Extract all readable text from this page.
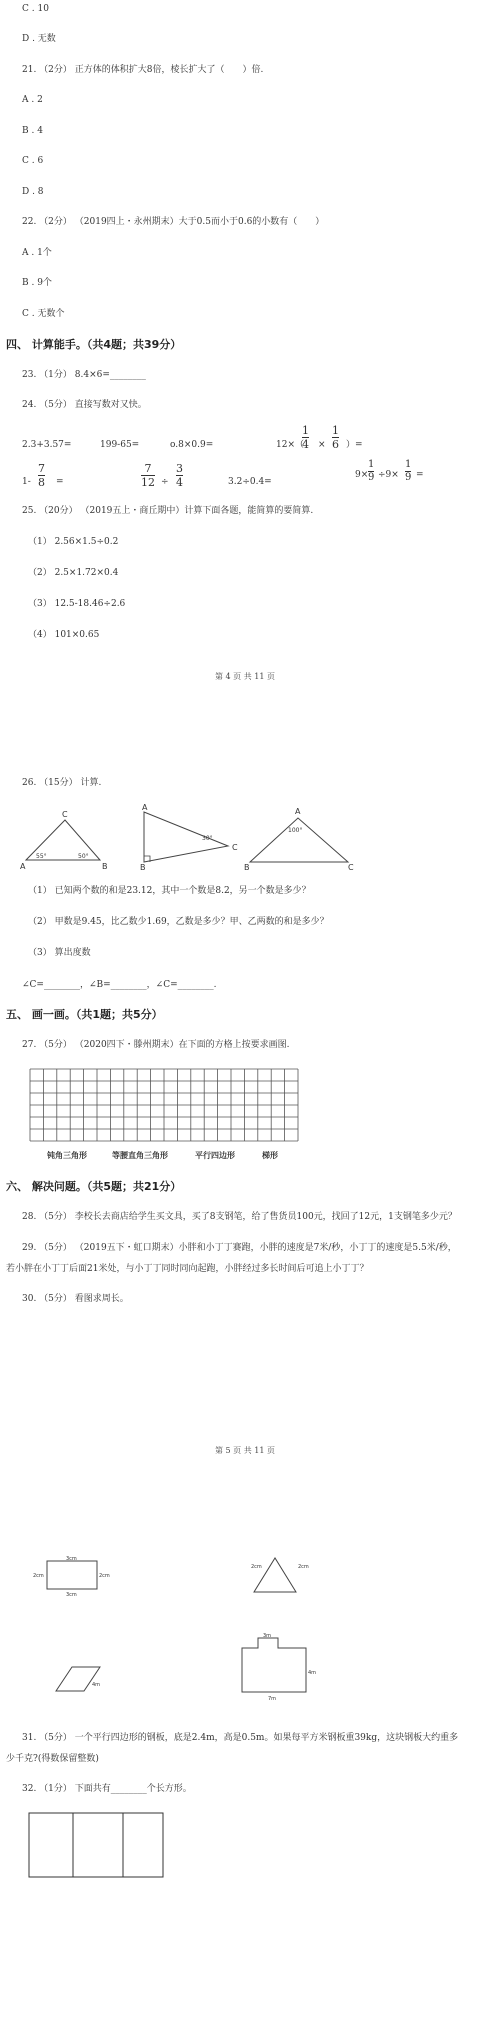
C . 10
D . 无数
21. （2分） 正方体的体积扩大8倍，棱长扩大了（　　）倍.
A . 2
B . 4
C . 6
D . 8
22. （2分） （2019四上・永州期末）大于0.5而小于0.6的小数有（　　）
A . 1个
B . 9个
C . 无数个
四、 计算能手。（共4题；共39分）
23. （1分） 8.4×6=________
24. （5分） 直接写数对又快。
2.3+3.57=	199-65=	o.8×0.9=	12×（
1
4 ×
1
6 ）=
1-
7
8 =
7
12 ÷
3
4	3.2÷0.4=
9×
1
9 ÷9×
1
9 =
25. （20分） （2019五上・商丘期中）计算下面各题，能简算的要简算.
（1） 2.56×1.5÷0.2
（2） 2.5×1.72×0.4
（3） 12.5-18.46÷2.6
（4） 101×0.65
第 4 页 共 11 页
26. （15分） 计算.
C
A	B
55°	50°
A
B
C
30°
A
B	C
100°
（1） 已知两个数的和是23.12，其中一个数是8.2，另一个数是多少？
（2） 甲数是9.45，比乙数少1.69，乙数是多少？甲、乙两数的和是多少？
（3） 算出度数
∠C=________，∠B=________，∠C=________.
五、 画一画。（共1题；共5分）
27. （5分） （2020四下・滕州期末）在下面的方格上按要求画图.
钝角三角形	等腰直角三角形	平行四边形	梯形
六、 解决问题。（共5题；共21分）
28. （5分） 李校长去商店给学生买文具，买了8支钢笔，给了售货员100元，找回了12元，1支钢笔多少元？
29. （5分） （2019五下・虹口期末）小胖和小丁丁赛跑，小胖的速度是7米/秒，小丁丁的速度是5.5米/秒，
若小胖在小丁丁后面21米处，与小丁丁同时同向起跑，小胖经过多长时间后可追上小丁丁？
30. （5分） 看图求周长。
第 5 页 共 11 页
3cm
2cm	2cm
3cm
2cm	2cm
4m
3m
4m
7m
31. （5分） 一个平行四边形的钢板，底是2.4m，高是0.5m。如果每平方米钢板重39kg，这块钢板大约重多
少千克?(得数保留整数)
32. （1分） 下面共有________个长方形。
